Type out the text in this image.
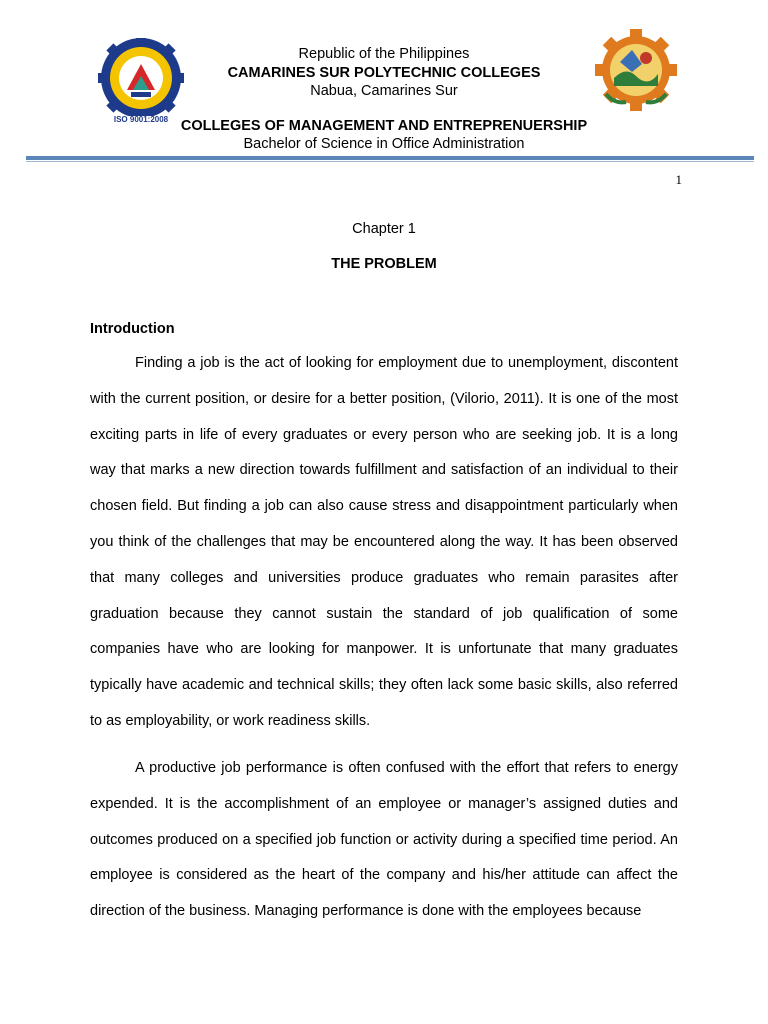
ISO 9001:2008
Republic of the Philippines
CAMARINES SUR POLYTECHNIC COLLEGES
Nabua, Camarines Sur
COLLEGES OF MANAGEMENT AND ENTREPRENUERSHIP
Bachelor of Science in Office Administration
1
Chapter 1
THE PROBLEM
Introduction

Finding a job is the act of looking for employment due to unemployment, discontent with the current position, or desire for a better position, (Vilorio, 2011). It is one of the most exciting parts in life of every graduates or every person who are seeking job. It is a long way that marks a new direction towards fulfillment and satisfaction of an individual to their chosen field. But finding a job can also cause stress and disappointment particularly when you think of the challenges that may be encountered along the way. It has been observed that many colleges and universities produce graduates who remain parasites after graduation because they cannot sustain the standard of job qualification of some companies have who are looking for manpower. It is unfortunate that many graduates typically have academic and technical skills; they often lack some basic skills, also referred to as employability, or work readiness skills.

A productive job performance is often confused with the effort that refers to energy expended. It is the accomplishment of an employee or manager’s assigned duties and outcomes produced on a specified job function or activity during a specified time period. An employee is considered as the heart of the company and his/her attitude can affect the direction of the business. Managing performance is done with the employees because
